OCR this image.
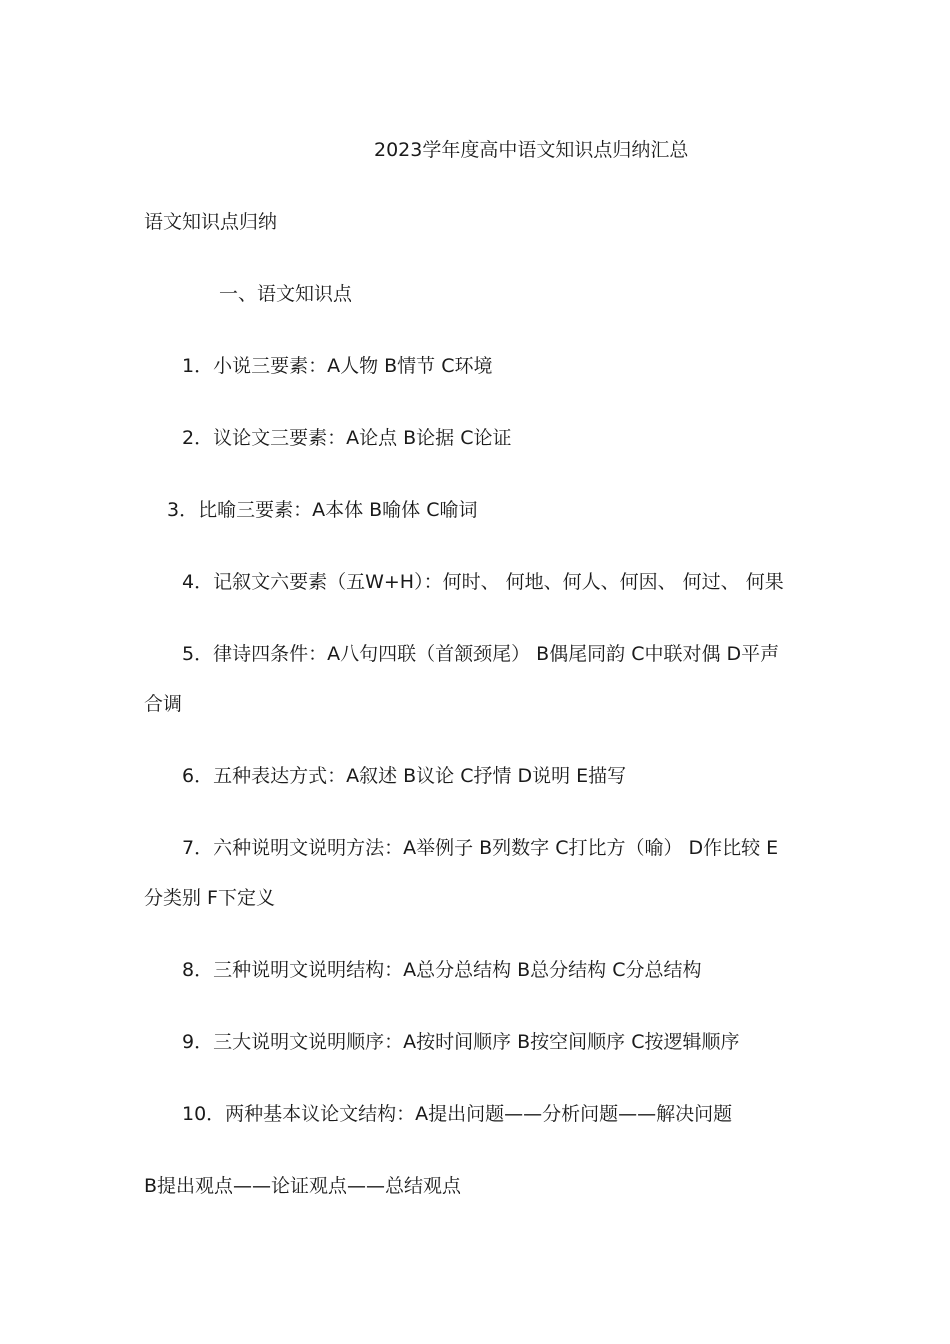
2023学年度高中语文知识点归纳汇总
语文知识点归纳
一、语文知识点
1．小说三要素：A人物 B情节 C环境
2．议论文三要素：A论点 B论据 C论证
3．比喻三要素：A本体 B喻体 C喻词
4．记叙文六要素（五W+H）：何时、 何地、何人、何因、 何过、 何果
5．律诗四条件：A八句四联（首颔颈尾） B偶尾同韵 C中联对偶 D平声
合调
6．五种表达方式：A叙述 B议论 C抒情 D说明 E描写
7．六种说明文说明方法：A举例子 B列数字 C打比方（喻） D作比较 E
分类别 F下定义
8．三种说明文说明结构：A总分总结构 B总分结构 C分总结构
9．三大说明文说明顺序：A按时间顺序 B按空间顺序 C按逻辑顺序
10．两种基本议论文结构：A提出问题——分析问题——解决问题
B提出观点——论证观点——总结观点
